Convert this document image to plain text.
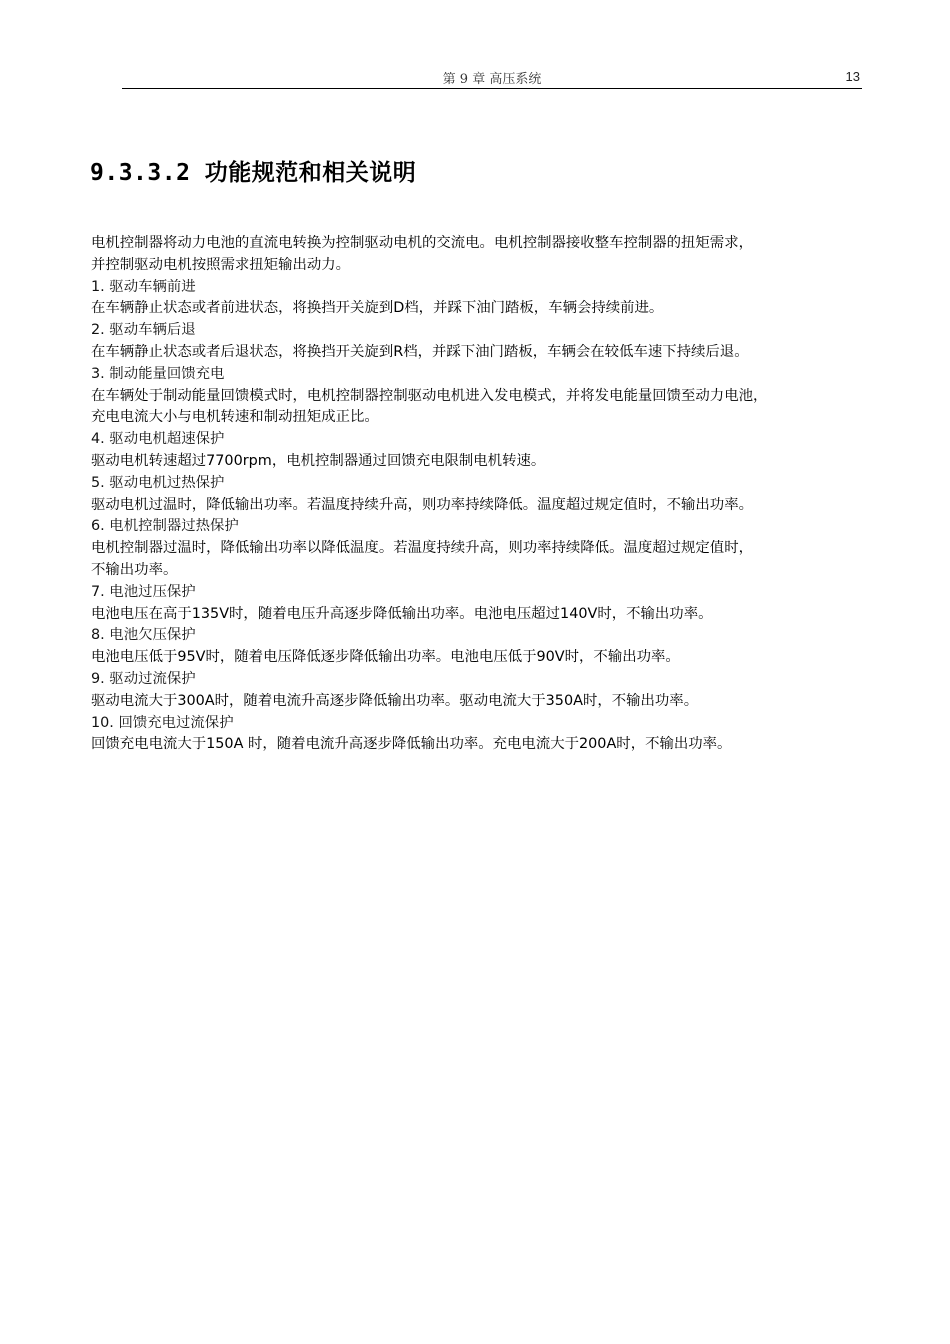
第 9 章 高压系统	13
9.3.3.2 功能规范和相关说明

电机控制器将动力电池的直流电转换为控制驱动电机的交流电。电机控制器接收整车控制器的扭矩需求，

并控制驱动电机按照需求扭矩输出动力。

1. 驱动车辆前进

在车辆静止状态或者前进状态，将换挡开关旋到D档，并踩下油门踏板，车辆会持续前进。

2. 驱动车辆后退

在车辆静止状态或者后退状态，将换挡开关旋到R档，并踩下油门踏板，车辆会在较低车速下持续后退。

3. 制动能量回馈充电

在车辆处于制动能量回馈模式时，电机控制器控制驱动电机进入发电模式，并将发电能量回馈至动力电池，

充电电流大小与电机转速和制动扭矩成正比。

4. 驱动电机超速保护

驱动电机转速超过7700rpm，电机控制器通过回馈充电限制电机转速。

5. 驱动电机过热保护

驱动电机过温时，降低输出功率。若温度持续升高，则功率持续降低。温度超过规定值时，不输出功率。

6. 电机控制器过热保护

电机控制器过温时，降低输出功率以降低温度。若温度持续升高，则功率持续降低。温度超过规定值时，

不输出功率。

7. 电池过压保护

电池电压在高于135V时，随着电压升高逐步降低输出功率。电池电压超过140V时，不输出功率。

8. 电池欠压保护

电池电压低于95V时，随着电压降低逐步降低输出功率。电池电压低于90V时，不输出功率。

9. 驱动过流保护

驱动电流大于300A时，随着电流升高逐步降低输出功率。驱动电流大于350A时，不输出功率。

10. 回馈充电过流保护

回馈充电电流大于150A 时，随着电流升高逐步降低输出功率。充电电流大于200A时，不输出功率。
